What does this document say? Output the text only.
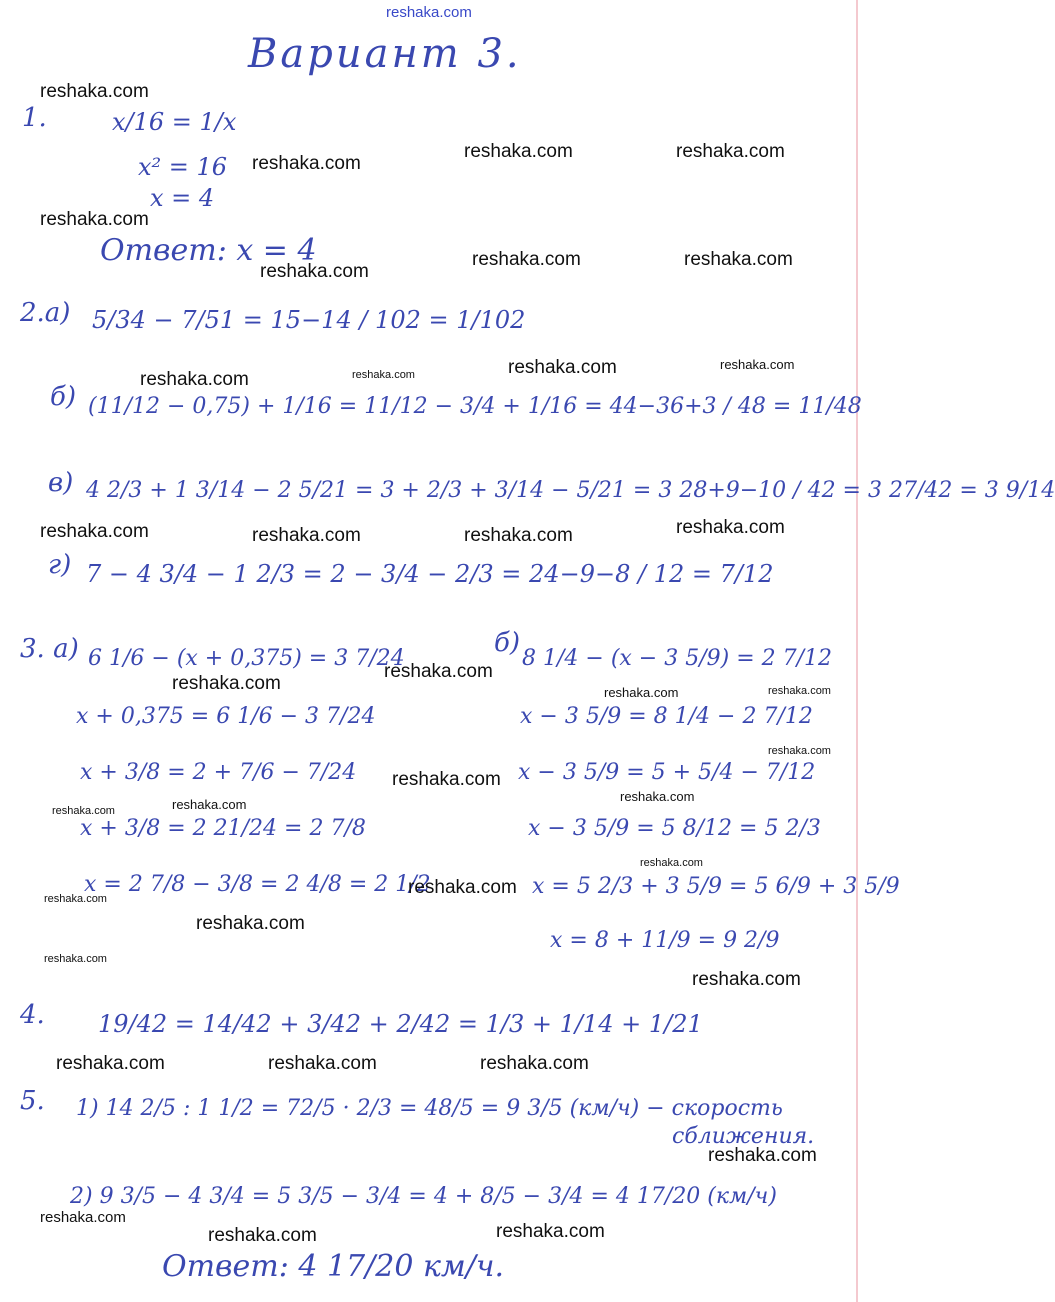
reshaka.com
Вариант 3.
1.	x/16 = 1/x
x² = 16
x = 4
Ответ: x = 4
2.а) 5/34 − 7/51 = 15−14 / 102 = 1/102
б) (11/12 − 0,75) + 1/16 = 11/12 − 3/4 + 1/16 = 44−36+3 / 48 = 11/48
в) 4 2/3 + 1 3/14 − 2 5/21 = 3 + 2/3 + 3/14 − 5/21 = 3 28+9−10 / 42 = 3 27/42 = 3 9/14
г) 7 − 4 3/4 − 1 2/3 = 2 − 3/4 − 2/3 = 24−9−8 / 12 = 7/12
3. а) 6 1/6 − (x + 0,375) = 3 7/24
x + 0,375 = 6 1/6 − 3 7/24
x + 3/8 = 2 + 7/6 − 7/24
x + 3/8 = 2 21/24 = 2 7/8
x = 2 7/8 − 3/8 = 2 4/8 = 2 1/2
б)
8 1/4 − (x − 3 5/9) = 2 7/12
x − 3 5/9 = 8 1/4 − 2 7/12
x − 3 5/9 = 5 + 5/4 − 7/12
x − 3 5/9 = 5 8/12 = 5 2/3
x = 5 2/3 + 3 5/9 = 5 6/9 + 3 5/9
x = 8 + 11/9 = 9 2/9
4. 19/42 = 14/42 + 3/42 + 2/42 = 1/3 + 1/14 + 1/21
5. 1) 14 2/5 : 1 1/2 = 72/5 · 2/3 = 48/5 = 9 3/5 (км/ч) − скорость
сближения.
2) 9 3/5 − 4 3/4 = 5 3/5 − 3/4 = 4 + 8/5 − 3/4 = 4 17/20 (км/ч)
Ответ: 4 17/20 км/ч.
reshaka.com
reshaka.com
reshaka.com	reshaka.com
reshaka.com
reshaka.com
reshaka.com	reshaka.com
reshaka.com	reshaka.com	reshaka.com	reshaka.com
reshaka.com	reshaka.com	reshaka.com	reshaka.com
reshaka.com
reshaka.com	reshaka.com	reshaka.com
reshaka.com
reshaka.com
reshaka.com
reshaka.com
reshaka.com
reshaka.com
reshaka.com
reshaka.com
reshaka.com
reshaka.com
reshaka.com
reshaka.com	reshaka.com	reshaka.com
reshaka.com
reshaka.com
reshaka.com	reshaka.com
